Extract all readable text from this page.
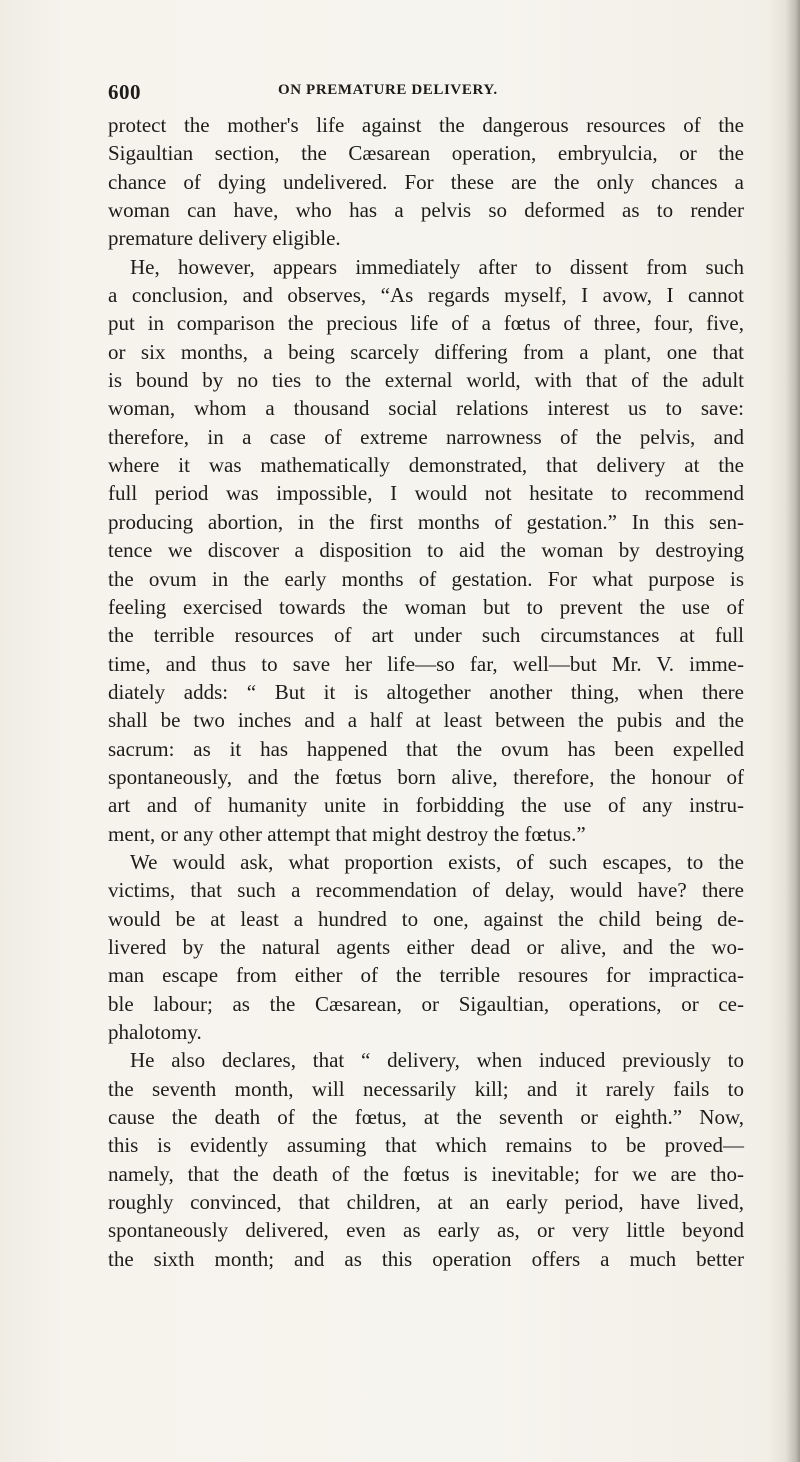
600	ON PREMATURE DELIVERY.
protect the mother's life against the dangerous resources of the
Sigaultian section, the Cæsarean operation, embryulcia, or the
chance of dying undelivered. For these are the only chances a
woman can have, who has a pelvis so deformed as to render
premature delivery eligible.
He, however, appears immediately after to dissent from such
a conclusion, and observes, “As regards myself, I avow, I cannot
put in comparison the precious life of a fœtus of three, four, five,
or six months, a being scarcely differing from a plant, one that
is bound by no ties to the external world, with that of the adult
woman, whom a thousand social relations interest us to save:
therefore, in a case of extreme narrowness of the pelvis, and
where it was mathematically demonstrated, that delivery at the
full period was impossible, I would not hesitate to recommend
producing abortion, in the first months of gestation.” In this sen-
tence we discover a disposition to aid the woman by destroying
the ovum in the early months of gestation. For what purpose is
feeling exercised towards the woman but to prevent the use of
the terrible resources of art under such circumstances at full
time, and thus to save her life—so far, well—but Mr. V. imme-
diately adds: “ But it is altogether another thing, when there
shall be two inches and a half at least between the pubis and the
sacrum: as it has happened that the ovum has been expelled
spontaneously, and the fœtus born alive, therefore, the honour of
art and of humanity unite in forbidding the use of any instru-
ment, or any other attempt that might destroy the fœtus.”
We would ask, what proportion exists, of such escapes, to the
victims, that such a recommendation of delay, would have? there
would be at least a hundred to one, against the child being de-
livered by the natural agents either dead or alive, and the wo-
man escape from either of the terrible resoures for impractica-
ble labour; as the Cæsarean, or Sigaultian, operations, or ce-
phalotomy.
He also declares, that “ delivery, when induced previously to
the seventh month, will necessarily kill; and it rarely fails to
cause the death of the fœtus, at the seventh or eighth.” Now,
this is evidently assuming that which remains to be proved—
namely, that the death of the fœtus is inevitable; for we are tho-
roughly convinced, that children, at an early period, have lived,
spontaneously delivered, even as early as, or very little beyond
the sixth month; and as this operation offers a much better
